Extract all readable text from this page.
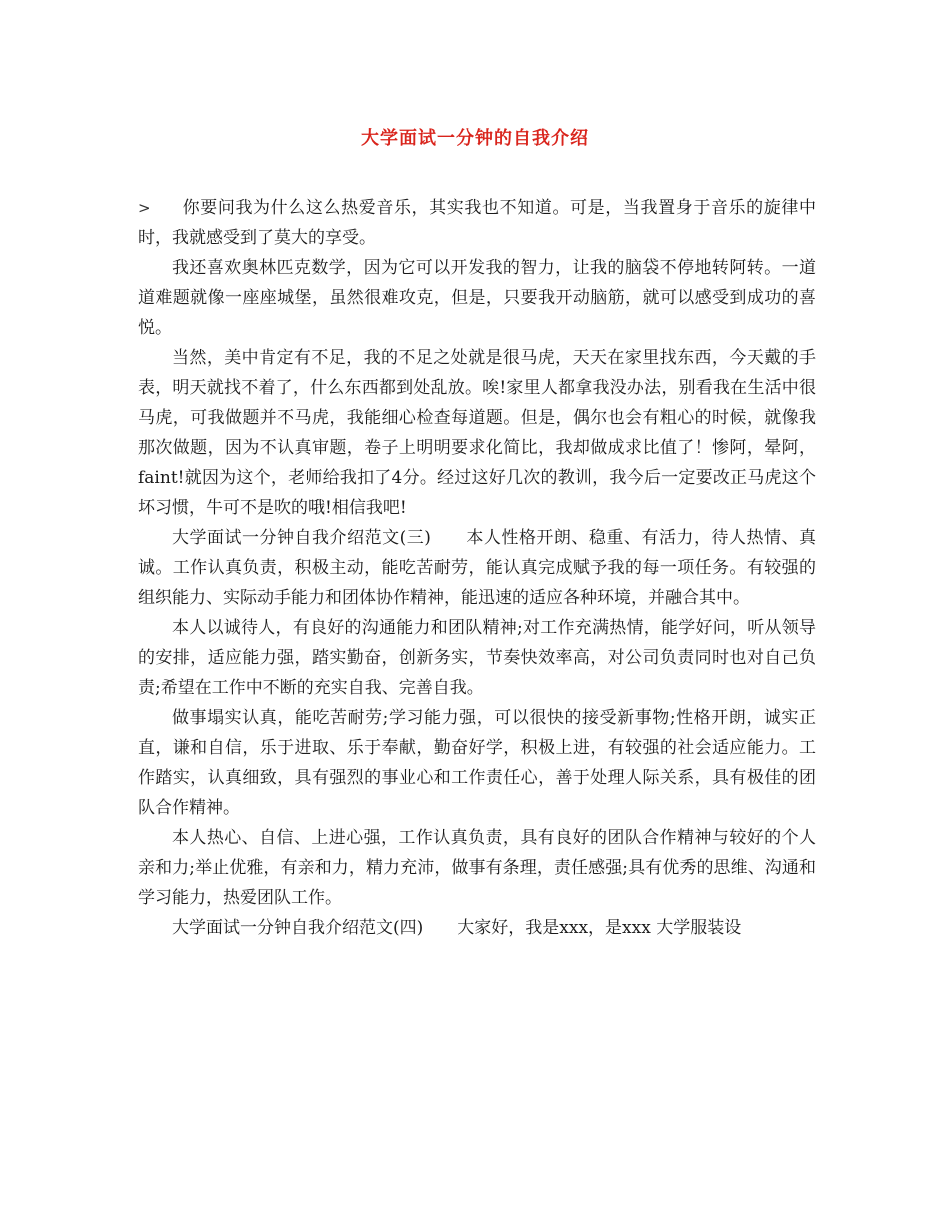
大学面试一分钟的自我介绍

> 你要问我为什么这么热爱音乐，其实我也不知道。可是，当我置身于音乐的旋律中时，我就感受到了莫大的享受。

我还喜欢奥林匹克数学，因为它可以开发我的智力，让我的脑袋不停地转阿转。一道道难题就像一座座城堡，虽然很难攻克，但是，只要我开动脑筋，就可以感受到成功的喜悦。

当然，美中肯定有不足，我的不足之处就是很马虎，天天在家里找东西，今天戴的手表，明天就找不着了，什么东西都到处乱放。唉!家里人都拿我没办法，别看我在生活中很马虎，可我做题并不马虎，我能细心检查每道题。但是，偶尔也会有粗心的时候，就像我那次做题，因为不认真审题，卷子上明明要求化简比，我却做成求比值了！惨阿，晕阿，faint!就因为这个，老师给我扣了4分。经过这好几次的教训，我今后一定要改正马虎这个坏习惯，牛可不是吹的哦!相信我吧!

大学面试一分钟自我介绍范文(三)　　本人性格开朗、稳重、有活力，待人热情、真诚。工作认真负责，积极主动，能吃苦耐劳，能认真完成赋予我的每一项任务。有较强的组织能力、实际动手能力和团体协作精神，能迅速的适应各种环境，并融合其中。

本人以诚待人，有良好的沟通能力和团队精神;对工作充满热情，能学好问，听从领导的安排，适应能力强，踏实勤奋，创新务实，节奏快效率高，对公司负责同时也对自己负责;希望在工作中不断的充实自我、完善自我。

做事塌实认真，能吃苦耐劳;学习能力强，可以很快的接受新事物;性格开朗，诚实正直，谦和自信，乐于进取、乐于奉献，勤奋好学，积极上进，有较强的社会适应能力。工作踏实，认真细致，具有强烈的事业心和工作责任心，善于处理人际关系，具有极佳的团队合作精神。

本人热心、自信、上进心强，工作认真负责，具有良好的团队合作精神与较好的个人亲和力;举止优雅，有亲和力，精力充沛，做事有条理，责任感强;具有优秀的思维、沟通和学习能力，热爱团队工作。

大学面试一分钟自我介绍范文(四)　　大家好，我是xxx，是xxx 大学服装设
